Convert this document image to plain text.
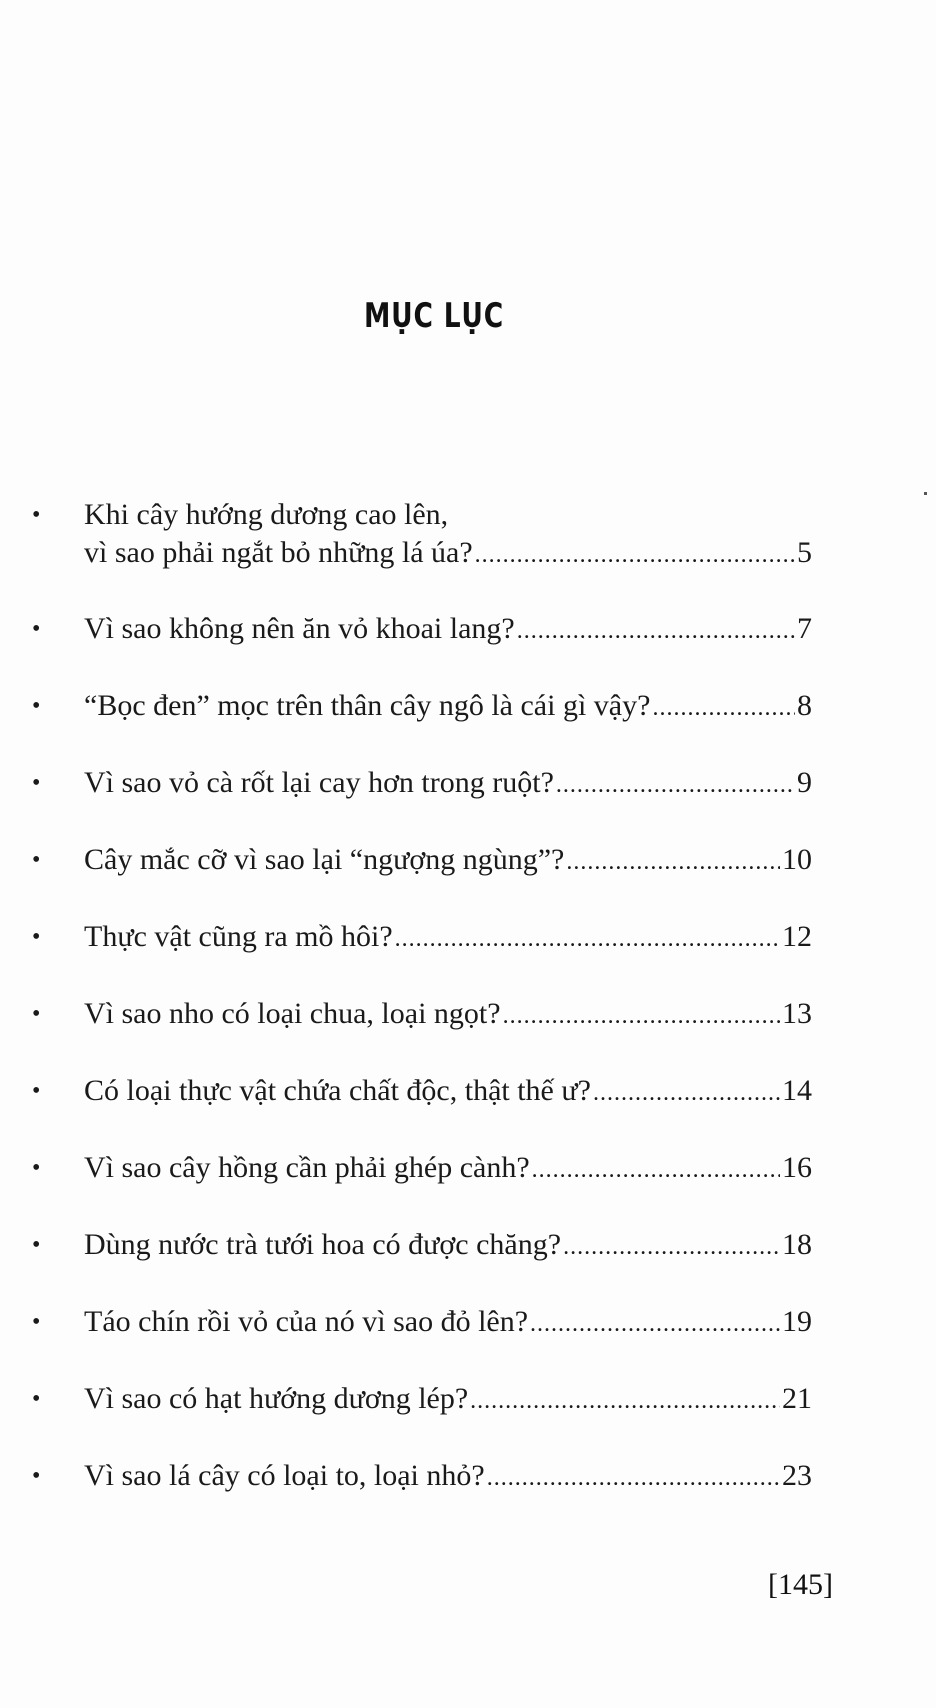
MỤC LỤC
•	Khi cây hướng dương cao lên,
vì sao phải ngắt bỏ những lá úa? .....	5
•	Vì sao không nên ăn vỏ khoai lang? .....	7
•	“Bọc đen” mọc trên thân cây ngô là cái gì vậy? .....	8
•	Vì sao vỏ cà rốt lại cay hơn trong ruột? .....	9
•	Cây mắc cỡ vì sao lại “ngượng ngùng”? .....	10
•	Thực vật cũng ra mồ hôi? .....	12
•	Vì sao nho có loại chua, loại ngọt? .....	13
•	Có loại thực vật chứa chất độc, thật thế ư? .....	14
•	Vì sao cây hồng cần phải ghép cành? .....	16
•	Dùng nước trà tưới hoa có được chăng? .....	18
•	Táo chín rồi vỏ của nó vì sao đỏ lên? .....	19
•	Vì sao có hạt hướng dương lép? .....	21
•	Vì sao lá cây có loại to, loại nhỏ? .....	23
[145]
